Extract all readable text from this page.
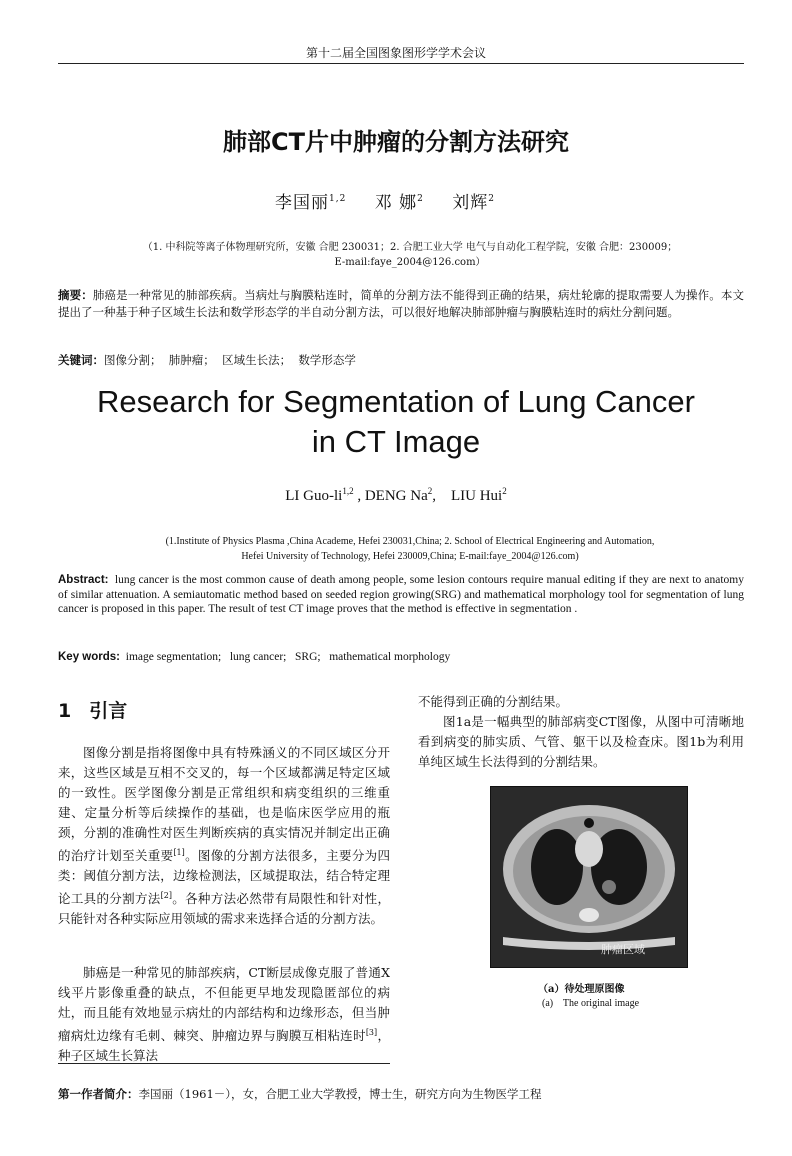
第十二届全国图象图形学学术会议
肺部CT片中肿瘤的分割方法研究
李国丽$^{1,2}$ 邓 娜$^2$ 刘辉$^2$
（1. 中科院等离子体物理研究所，安徽 合肥 230031；2. 合肥工业大学 电气与自动化工程学院，安徽 合肥：230009；
E-mail:faye_2004@126.com）
摘要：肺癌是一种常见的肺部疾病。当病灶与胸膜粘连时，简单的分割方法不能得到正确的结果，病灶轮廓的提取需要人为操作。本文提出了一种基于种子区域生长法和数学形态学的半自动分割方法，可以很好地解决肺部肿瘤与胸膜粘连时的病灶分割问题。
关键词：图像分割；  肺肿瘤；  区域生长法；  数学形态学
Research for Segmentation of Lung Cancer
in CT Image
LI Guo-li$^{1,2}$ , DENG Na$^2$,    LIU Hui$^2$
(1.Institute of Physics Plasma ,China Academe, Hefei 230031,China; 2. School of Electrical Engineering and Automation,
Hefei University of Technology, Hefei 230009,China; E-mail:faye_2004@126.com)
Abstract: lung cancer is the most common cause of death among people, some lesion contours require manual editing if they are next to anatomy of similar attenuation. A semiautomatic method based on seeded region growing(SRG) and mathematical morphology tool for segmentation of lung cancer is proposed in this paper. The result of test CT image proves that the method is effective in segmentation .
Key words: image segmentation;   lung cancer;   SRG;   mathematical morphology
1 引言
图像分割是指将图像中具有特殊涵义的不同区域区分开来，这些区域是互相不交叉的，每一个区域都满足特定区域的一致性。医学图像分割是正常组织和病变组织的三维重建、定量分析等后续操作的基础，也是临床医学应用的瓶颈，分割的准确性对医生判断疾病的真实情况并制定出正确的治疗计划至关重要[1]。图像的分割方法很多，主要分为四类：阈值分割方法，边缘检测法，区域提取法，结合特定理论工具的分割方法[2]。各种方法必然带有局限性和针对性，只能针对各种实际应用领域的需求来选择合适的分割方法。
肺癌是一种常见的肺部疾病，CT断层成像克服了普通X线平片影像重叠的缺点，不但能更早地发现隐匿部位的病灶，而且能有效地显示病灶的内部结构和边缘形态，但当肿瘤病灶边缘有毛刺、棘突、肿瘤边界与胸膜互相粘连时[3]，种子区域生长算法
不能得到正确的分割结果。
图1a是一幅典型的肺部病变CT图像，从图中可清晰地看到病变的肺实质、气管、躯干以及检查床。图1b为利用单纯区域生长法得到的分割结果。
肿瘤区域
（a）待处理原图像
(a)    The original image
第一作者简介：李国丽（1961－），女，合肥工业大学教授，博士生，研究方向为生物医学工程
